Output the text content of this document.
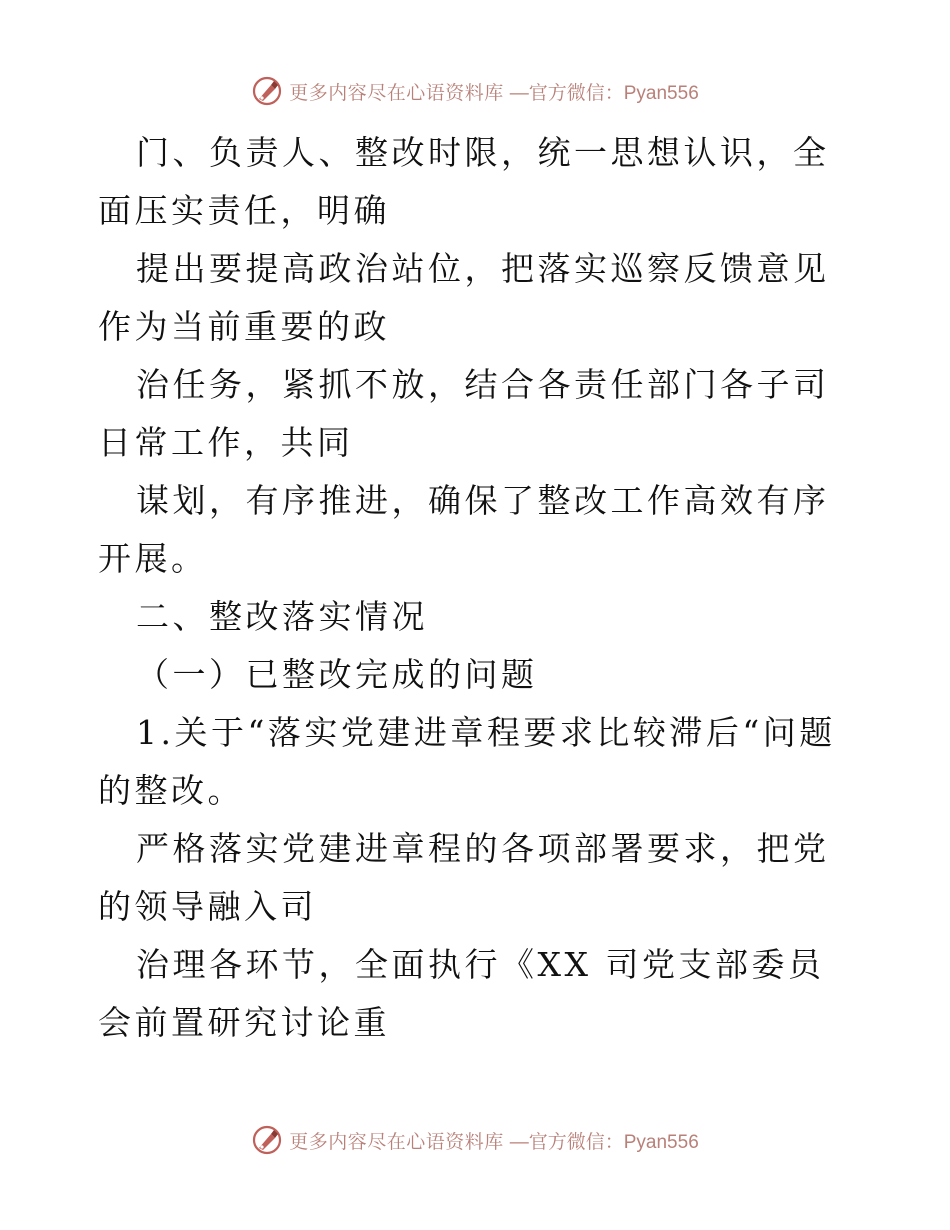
更多内容尽在心语资料库 —官方微信：Pyan556

门、负责人、整改时限，统一思想认识，全面压实责任，明确

提出要提高政治站位，把落实巡察反馈意见作为当前重要的政

治任务，紧抓不放，结合各责任部门各子司日常工作，共同

谋划，有序推进，确保了整改工作高效有序开展。

二、整改落实情况

（一）已整改完成的问题

1.关于“落实党建进章程要求比较滞后“问题的整改。

严格落实党建进章程的各项部署要求，把党的领导融入司

治理各环节，全面执行《XX 司党支部委员会前置研究讨论重

更多内容尽在心语资料库 —官方微信：Pyan556
